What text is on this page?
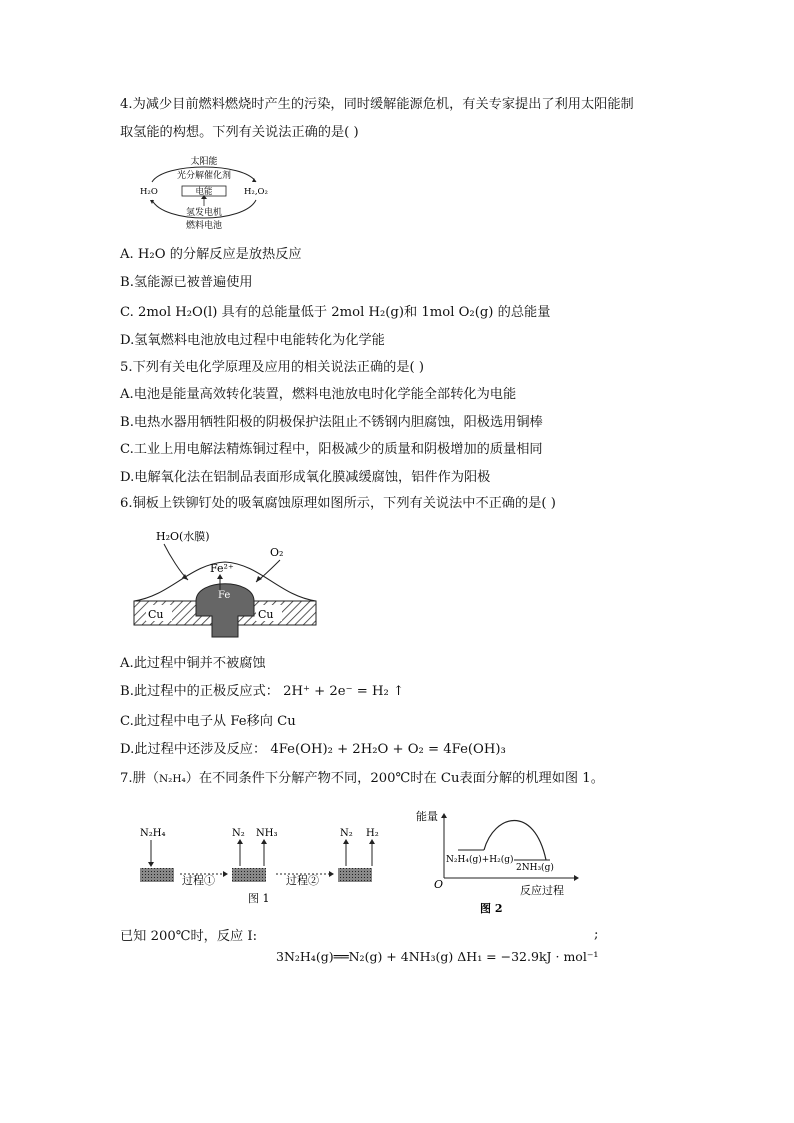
4.为减少目前燃料燃烧时产生的污染，同时缓解能源危机，有关专家提出了利用太阳能制
取氢能的构想。下列有关说法正确的是( )
太阳能
光分解催化剂
电能
H₂O	H₂,O₂
氢发电机
燃料电池
A. H₂O 的分解反应是放热反应
B.氢能源已被普遍使用
C. 2mol H₂O(l) 具有的总能量低于 2mol H₂(g)和 1mol O₂(g) 的总能量
D.氢氧燃料电池放电过程中电能转化为化学能
5.下列有关电化学原理及应用的相关说法正确的是( )
A.电池是能量高效转化装置，燃料电池放电时化学能全部转化为电能
B.电热水器用牺牲阳极的阴极保护法阻止不锈钢内胆腐蚀，阳极选用铜棒
C.工业上用电解法精炼铜过程中，阳极减少的质量和阴极增加的质量相同
D.电解氧化法在铝制品表面形成氧化膜减缓腐蚀，铝件作为阳极
6.铜板上铁铆钉处的吸氧腐蚀原理如图所示，下列有关说法中不正确的是( )
H₂O(水膜)
O₂
Fe²⁺
Fe
Cu	Cu
A.此过程中铜并不被腐蚀
B.此过程中的正极反应式： 2H⁺ + 2e⁻ = H₂ ↑
C.此过程中电子从 Fe移向 Cu
D.此过程中还涉及反应： 4Fe(OH)₂ + 2H₂O + O₂ = 4Fe(OH)₃
7.肼（N₂H₄）在不同条件下分解产物不同，200℃时在 Cu表面分解的机理如图 1。
N₂H₄	N₂ NH₃	N₂ H₂
过程①	过程②
图 1
能量
O	反应过程
N₂H₄(g)+H₂(g)
2NH₃(g)
图 2
已知 200℃时，反应 Ⅰ:	;
3N₂H₄(g)══N₂(g) + 4NH₃(g) ΔH₁ = −32.9kJ · mol⁻¹
